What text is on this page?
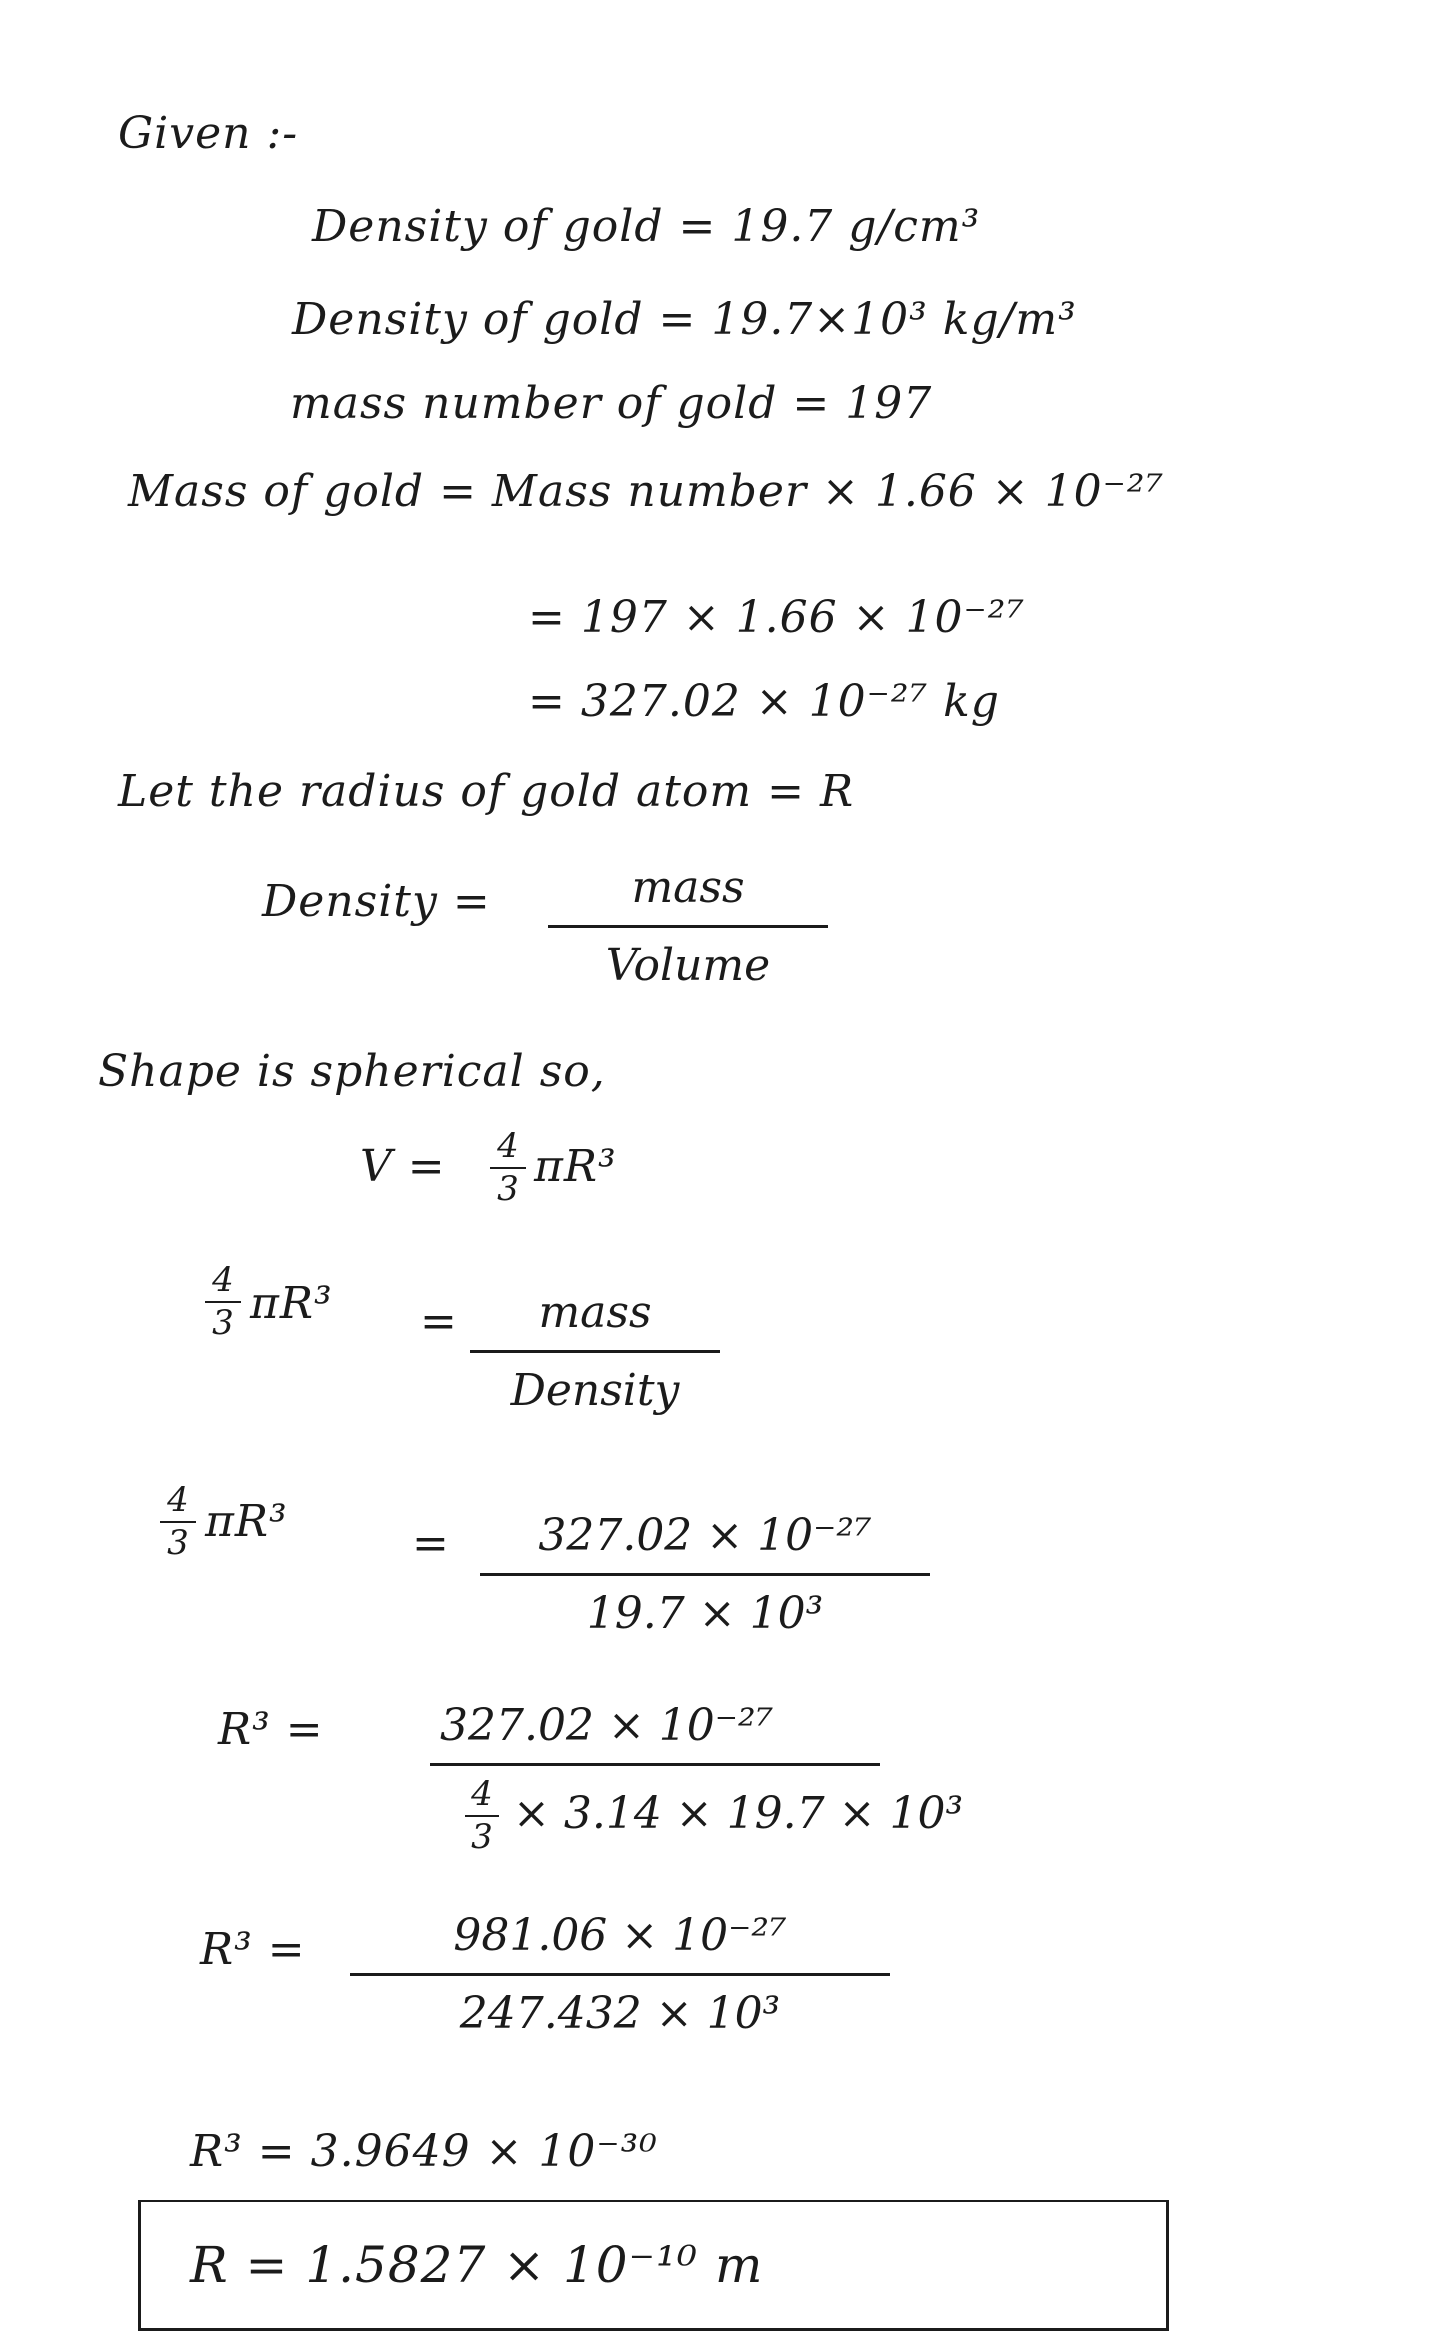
Given :-
Density of gold = 19.7 g/cm³
Density of gold = 19.7×10³ kg/m³
mass number of gold = 197
Mass of gold = Mass number × 1.66 × 10⁻²⁷
= 197 × 1.66 × 10⁻²⁷
= 327.02 × 10⁻²⁷ kg
Let the radius of gold atom = R
Density =	mass
Volume
Shape is spherical so,
V = 4
3 πR³
4
3 πR³ =	mass
Density
4
3 πR³	=	327.02 × 10⁻²⁷
19.7 × 10³
R³ =	327.02 × 10⁻²⁷
$\frac{4}{3} \times 3.14 \times 19.7 \times 10^3$
R³ =	981.06 × 10⁻²⁷
247.432 × 10³
R³ = 3.9649 × 10⁻³⁰
R = 1.5827 × 10⁻¹⁰ m
